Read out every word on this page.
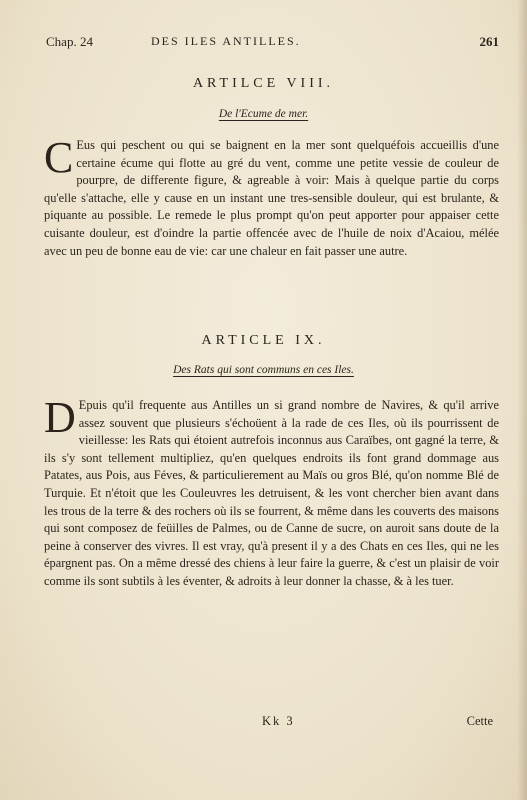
Chap. 24	DES ILES ANTILLES.	261
ARTILCE VIII.
De l'Ecume de mer.

C Eus qui peschent ou qui se baignent en la mer sont quelquéfois accueillis d'une certaine écume qui flotte au gré du vent, comme une petite vessie de couleur de pourpre, de differente figure, & agreable à voir: Mais à quelque partie du corps qu'elle s'attache, elle y cause en un instant une tres-sensible douleur, qui est brulante, & piquante au possible. Le remede le plus prompt qu'on peut apporter pour appaiser cette cuisante douleur, est d'oindre la partie offencée avec de l'huile de noix d'Acaiou, mélée avec un peu de bonne eau de vie: car une chaleur en fait passer une autre.

ARTICLE IX.
Des Rats qui sont communs en ces Iles.

D Epuis qu'il frequente aus Antilles un si grand nombre de Navires, & qu'il arrive assez souvent que plusieurs s'échoüent à la rade de ces Iles, où ils pourrissent de vieillesse: les Rats qui étoient autrefois inconnus aus Caraïbes, ont gagné la terre, & ils s'y sont tellement multipliez, qu'en quelques endroits ils font grand dommage aus Patates, aus Pois, aus Féves, & particulierement au Maïs ou gros Blé, qu'on nomme Blé de Turquie. Et n'étoit que les Couleuvres les detruisent, & les vont chercher bien avant dans les trous de la terre & des rochers où ils se fourrent, & même dans les couverts des maisons qui sont composez de feüilles de Palmes, ou de Canne de sucre, on auroit sans doute de la peine à conserver des vivres. Il est vray, qu'à present il y a des Chats en ces Iles, qui ne les épargnent pas. On a même dressé des chiens à leur faire la guerre, & c'est un plaisir de voir comme ils sont subtils à les éventer, & adroits à leur donner la chasse, & à les tuer.

Kk 3	Cette
